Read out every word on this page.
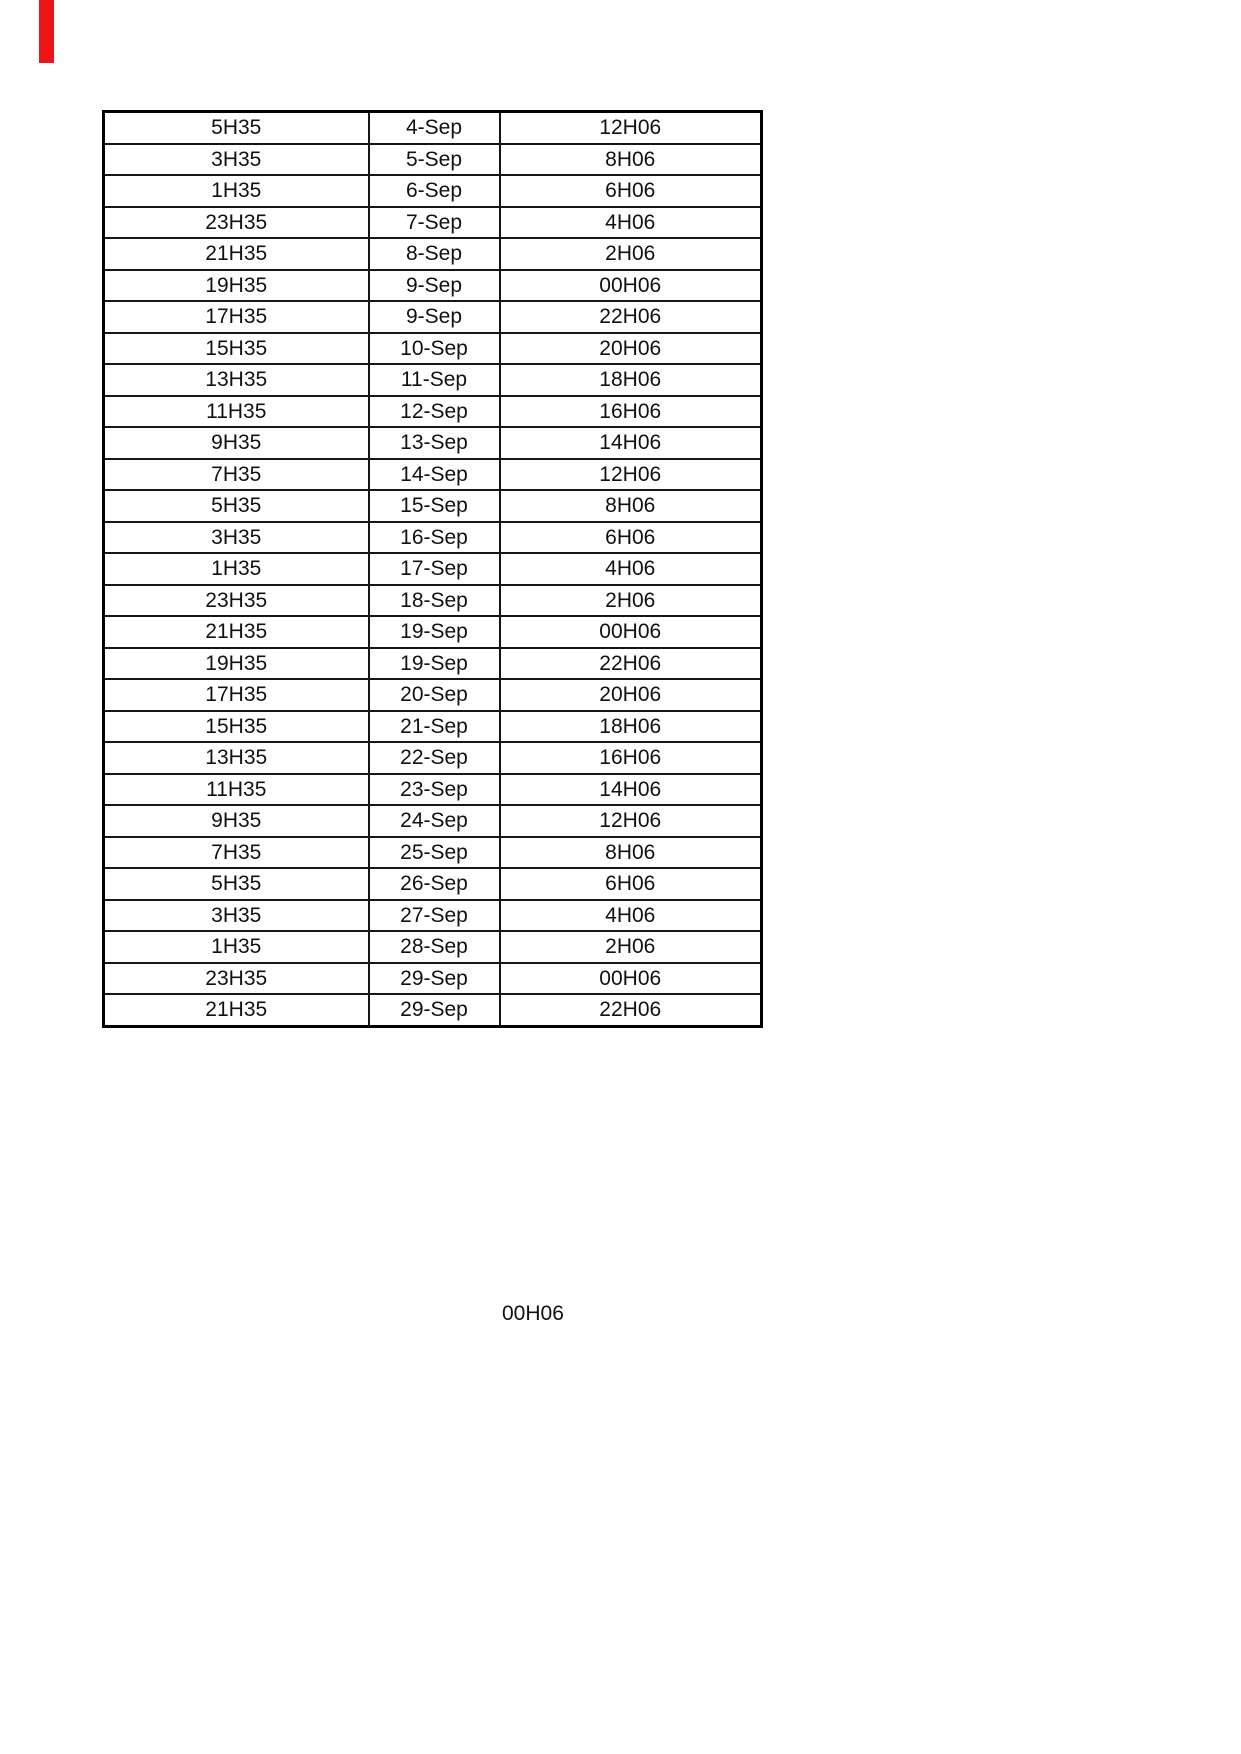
5H35	4-Sep	12H06
3H35	5-Sep	8H06
1H35	6-Sep	6H06
23H35	7-Sep	4H06
21H35	8-Sep	2H06
19H35	9-Sep	00H06
17H35	9-Sep	22H06
15H35	10-Sep	20H06
13H35	11-Sep	18H06
11H35	12-Sep	16H06
9H35	13-Sep	14H06
7H35	14-Sep	12H06
5H35	15-Sep	8H06
3H35	16-Sep	6H06
1H35	17-Sep	4H06
23H35	18-Sep	2H06
21H35	19-Sep	00H06
19H35	19-Sep	22H06
17H35	20-Sep	20H06
15H35	21-Sep	18H06
13H35	22-Sep	16H06
11H35	23-Sep	14H06
9H35	24-Sep	12H06
7H35	25-Sep	8H06
5H35	26-Sep	6H06
3H35	27-Sep	4H06
1H35	28-Sep	2H06
23H35	29-Sep	00H06
21H35	29-Sep	22H06
00H06
